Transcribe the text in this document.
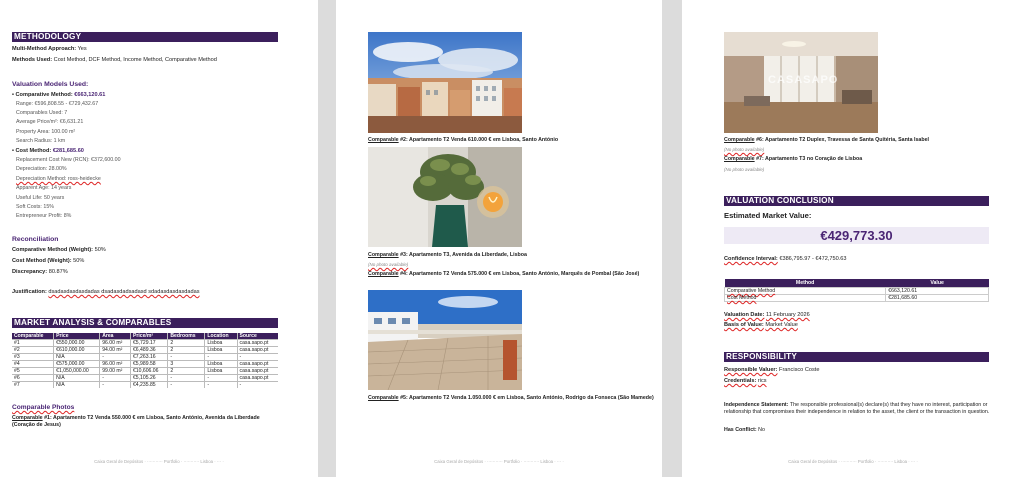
METHODOLOGY
Multi-Method Approach: Yes
Methods Used: Cost Method, DCF Method, Income Method, Comparative Method
Valuation Models Used:
• Comparative Method: €663,120.61
Range: €596,808.55 - €729,432.67
Comparables Used: 7
Average Price/m²: €6,631.21
Property Area: 100.00 m²
Search Radius: 1 km
• Cost Method: €281,685.60
Replacement Cost New (RCN): €372,600.00
Depreciation: 28.00%
Depreciation Method: ross-heidecke
Apparent Age: 14 years
Useful Life: 50 years
Soft Costs: 15%
Entrepreneur Profit: 8%
Reconciliation
Comparative Method (Weight): 50%
Cost Method (Weight): 50%
Discrepancy: 80.87%
Justification: dsadasdasdasdadas dsadasdadsadasd sdadasdasdasdadas
MARKET ANALYSIS & COMPARABLES
Comparable	Price	Area	Price/m²	Bedrooms	Location	Source
#1	€550,000.00	96.00 m²	€5,729.17	2	Lisboa	casa.sapo.pt
#2	€610,000.00	94.00 m²	€6,489.36	2	Lisboa	casa.sapo.pt
#3	N/A	-	€7,263.16	-	-	-
#4	€575,000.00	96.00 m²	€5,989.58	3	Lisboa	casa.sapo.pt
#5	€1,050,000.00	99.00 m²	€10,606.06	2	Lisboa	casa.sapo.pt
#6	N/A	-	€5,105.26	-	-	casa.sapo.pt
#7	N/A	-	€4,235.85	-	-	-
Comparable Photos
Comparable #1: Apartamento T2 Venda 550.000 € em Lisboa, Santo António, Avenida da Liberdade (Coração de Jesus)
Caixa Geral de Depósitos · ··········· Portfolio · ··········· Lisboa · ··· ·
Comparable #2: Apartamento T2 Venda 610.000 € em Lisboa, Santo António
Comparable #3: Apartamento T3, Avenida da Liberdade, Lisboa
(No photo available)
Comparable #4: Apartamento T2 Venda 575.000 € em Lisboa, Santo António, Marquês de Pombal (São José)
Comparable #5: Apartamento T2 Venda 1.050.000 € em Lisboa, Santo António, Rodrigo da Fonseca (São Mamede)
Caixa Geral de Depósitos · ··········· Portfolio · ··········· Lisboa · ··· ·
CASASAPO
Comparable #6: Apartamento T2 Duplex, Travessa de Santa Quitéria, Santa Isabel
(No photo available)
Comparable #7: Apartamento T3 no Coração de Lisboa
(No photo available)
VALUATION CONCLUSION
Estimated Market Value:
€429,773.30
Confidence Interval: €386,795.97 - €472,750.63
Method	Value
Comparative Method	€663,120.61
Cost Method	€281,685.60
Valuation Date: 11 February 2026
Basis of Value: Market Value
RESPONSIBILITY
Responsible Valuer: Francisco Coste
Credentials: rics
Independence Statement: The responsible professional(s) declare(s) that they have no interest, participation or relationship that compromises their independence in relation to the asset, the client or the transaction in question.
Has Conflict: No
Caixa Geral de Depósitos · ··········· Portfolio · ··········· Lisboa · ··· ·
